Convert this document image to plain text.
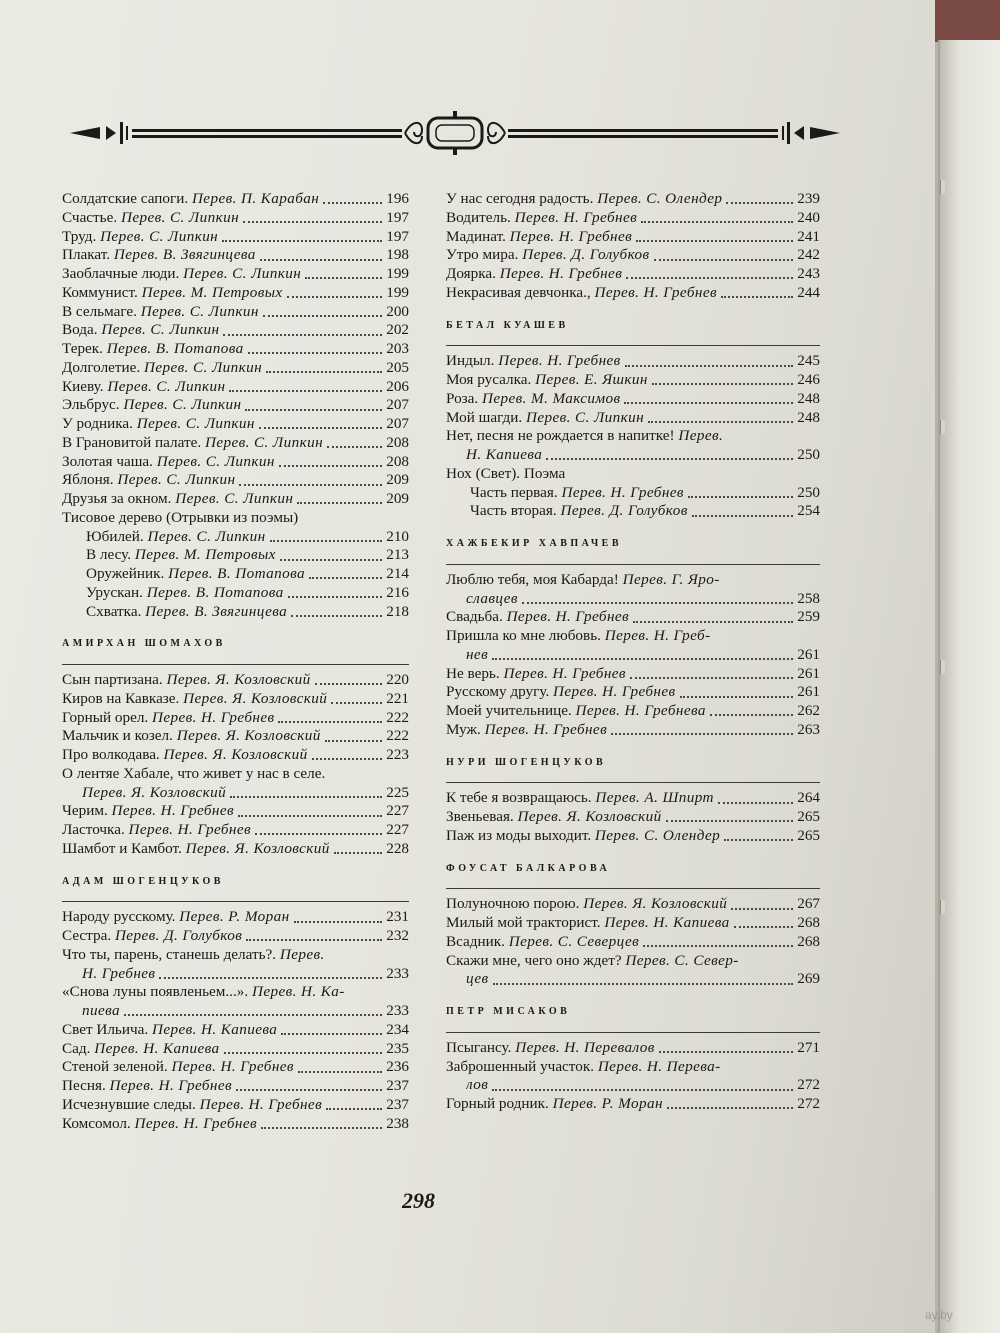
Солдатские сапоги. Перев. П. Карабан	196
Счастье. Перев. С. Липкин	197
Труд. Перев. С. Липкин	197
Плакат. Перев. В. Звягинцева	198
Заоблачные люди. Перев. С. Липкин	199
Коммунист. Перев. М. Петровых	199
В сельмаге. Перев. С. Липкин	200
Вода. Перев. С. Липкин	202
Терек. Перев. В. Потапова	203
Долголетие. Перев. С. Липкин	205
Киеву. Перев. С. Липкин	206
Эльбрус. Перев. С. Липкин	207
У родника. Перев. С. Липкин	207
В Грановитой палате. Перев. С. Липкин	208
Золотая чаша. Перев. С. Липкин	208
Яблоня. Перев. С. Липкин	209
Друзья за окном. Перев. С. Липкин	209
Тисовое дерево (Отрывки из поэмы)
Юбилей. Перев. С. Липкин	210
В лесу. Перев. М. Петровых	213
Оружейник. Перев. В. Потапова	214
Урускан. Перев. В. Потапова	216
Схватка. Перев. В. Звягинцева	218
АМИРХАН ШОМАХОВ
Сын партизана. Перев. Я. Козловский	220
Киров на Кавказе. Перев. Я. Козловский	221
Горный орел. Перев. Н. Гребнев	222
Мальчик и козел. Перев. Я. Козловский	222
Про волкодава. Перев. Я. Козловский	223
О лентяе Хабале, что живет у нас в селе.
Перев. Я. Козловский	225
Черим. Перев. Н. Гребнев	227
Ласточка. Перев. Н. Гребнев	227
Шамбот и Камбот. Перев. Я. Козловский	228
АДАМ ШОГЕНЦУКОВ
Народу русскому. Перев. Р. Моран	231
Сестра. Перев. Д. Голубков	232
Что ты, парень, станешь делать?. Перев.
Н. Гребнев	233
«Снова луны появленьем...». Перев. Н. Ка-
пиева	233
Свет Ильича. Перев. Н. Капиева	234
Сад. Перев. Н. Капиева	235
Стеной зеленой. Перев. Н. Гребнев	236
Песня. Перев. Н. Гребнев	237
Исчезнувшие следы. Перев. Н. Гребнев	237
Комсомол. Перев. Н. Гребнев	238
У нас сегодня радость. Перев. С. Олендер	239
Водитель. Перев. Н. Гребнев	240
Мадинат. Перев. Н. Гребнев	241
Утро мира. Перев. Д. Голубков	242
Доярка. Перев. Н. Гребнев	243
Некрасивая девчонка., Перев. Н. Гребнев	244
БЕТАЛ КУАШЕВ
Индыл. Перев. Н. Гребнев	245
Моя русалка. Перев. Е. Яшкин	246
Роза. Перев. М. Максимов	248
Мой шагди. Перев. С. Липкин	248
Нет, песня не рождается в напитке! Перев.
Н. Капиева	250
Нох (Свет). Поэма
Часть первая. Перев. Н. Гребнев	250
Часть вторая. Перев. Д. Голубков	254
ХАЖБЕКИР ХАВПАЧЕВ
Люблю тебя, моя Кабарда! Перев. Г. Яро-
славцев	258
Свадьба. Перев. Н. Гребнев	259
Пришла ко мне любовь. Перев. Н. Греб-
нев	261
Не верь. Перев. Н. Гребнев	261
Русскому другу. Перев. Н. Гребнев	261
Моей учительнице. Перев. Н. Гребнева	262
Муж. Перев. Н. Гребнев	263
НУРИ ШОГЕНЦУКОВ
К тебе я возвращаюсь. Перев. А. Шпирт	264
Звеньевая. Перев. Я. Козловский	265
Паж из моды выходит. Перев. С. Олендер	265
ФОУСАТ БАЛКАРОВА
Полуночною порою. Перев. Я. Козловский	267
Милый мой тракторист. Перев. Н. Капиева	268
Всадник. Перев. С. Северцев	268
Скажи мне, чего оно ждет? Перев. С. Север-
цев	269
ПЕТР МИСАКОВ
Псыгансу. Перев. Н. Перевалов	271
Заброшенный участок. Перев. Н. Перева-
лов	272
Горный родник. Перев. Р. Моран	272
298
ay.by
